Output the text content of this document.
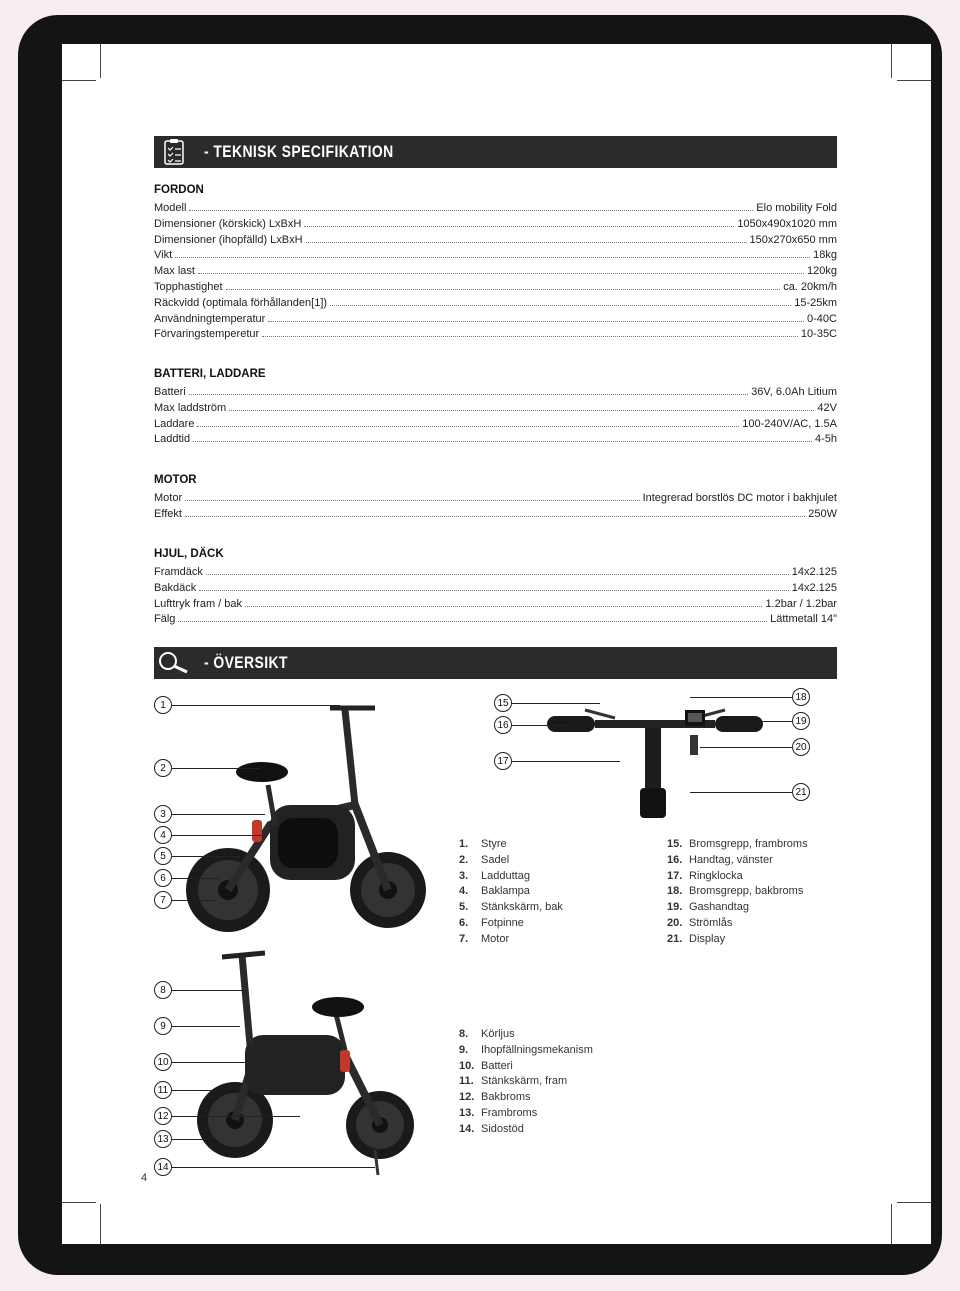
- TEKNISK SPECIFIKATION
FORDON
Modell	Elo mobility Fold
Dimensioner (körskick) LxBxH	1050x490x1020 mm
Dimensioner (ihopfälld) LxBxH	150x270x650 mm
Vikt	18kg
Max last	120kg
Topphastighet	ca. 20km/h
Räckvidd (optimala förhållanden[1])	15-25km
Användningtemperatur	0-40C
Förvaringstemperetur	10-35C
BATTERI, LADDARE
Batteri	36V, 6.0Ah Litium
Max laddström	42V
Laddare	100-240V/AC, 1.5A
Laddtid	4-5h
MOTOR
Motor	Integrerad borstlös DC motor i bakhjulet
Effekt	250W
HJUL, DÄCK
Framdäck	14x2.125
Bakdäck	14x2.125
Lufttryk fram / bak	1.2bar / 1.2bar
Fälg	Lättmetall 14"
- ÖVERSIKT
1
2
3
4
5
6
7
15
16
17
18
19
20
21
8
9
10
11
12
13
14
1. Styre
2. Sadel
3. Ladduttag
4. Baklampa
5. Stänkskärm, bak
6. Fotpinne
7. Motor
15. Bromsgrepp, frambroms
16. Handtag, vänster
17. Ringklocka
18. Bromsgrepp, bakbroms
19. Gashandtag
20. Strömlås
21. Display
8. Körljus
9. Ihopfällningsmekanism
10. Batteri
11. Stänkskärm, fram
12. Bakbroms
13. Frambroms
14. Sidostöd
4
